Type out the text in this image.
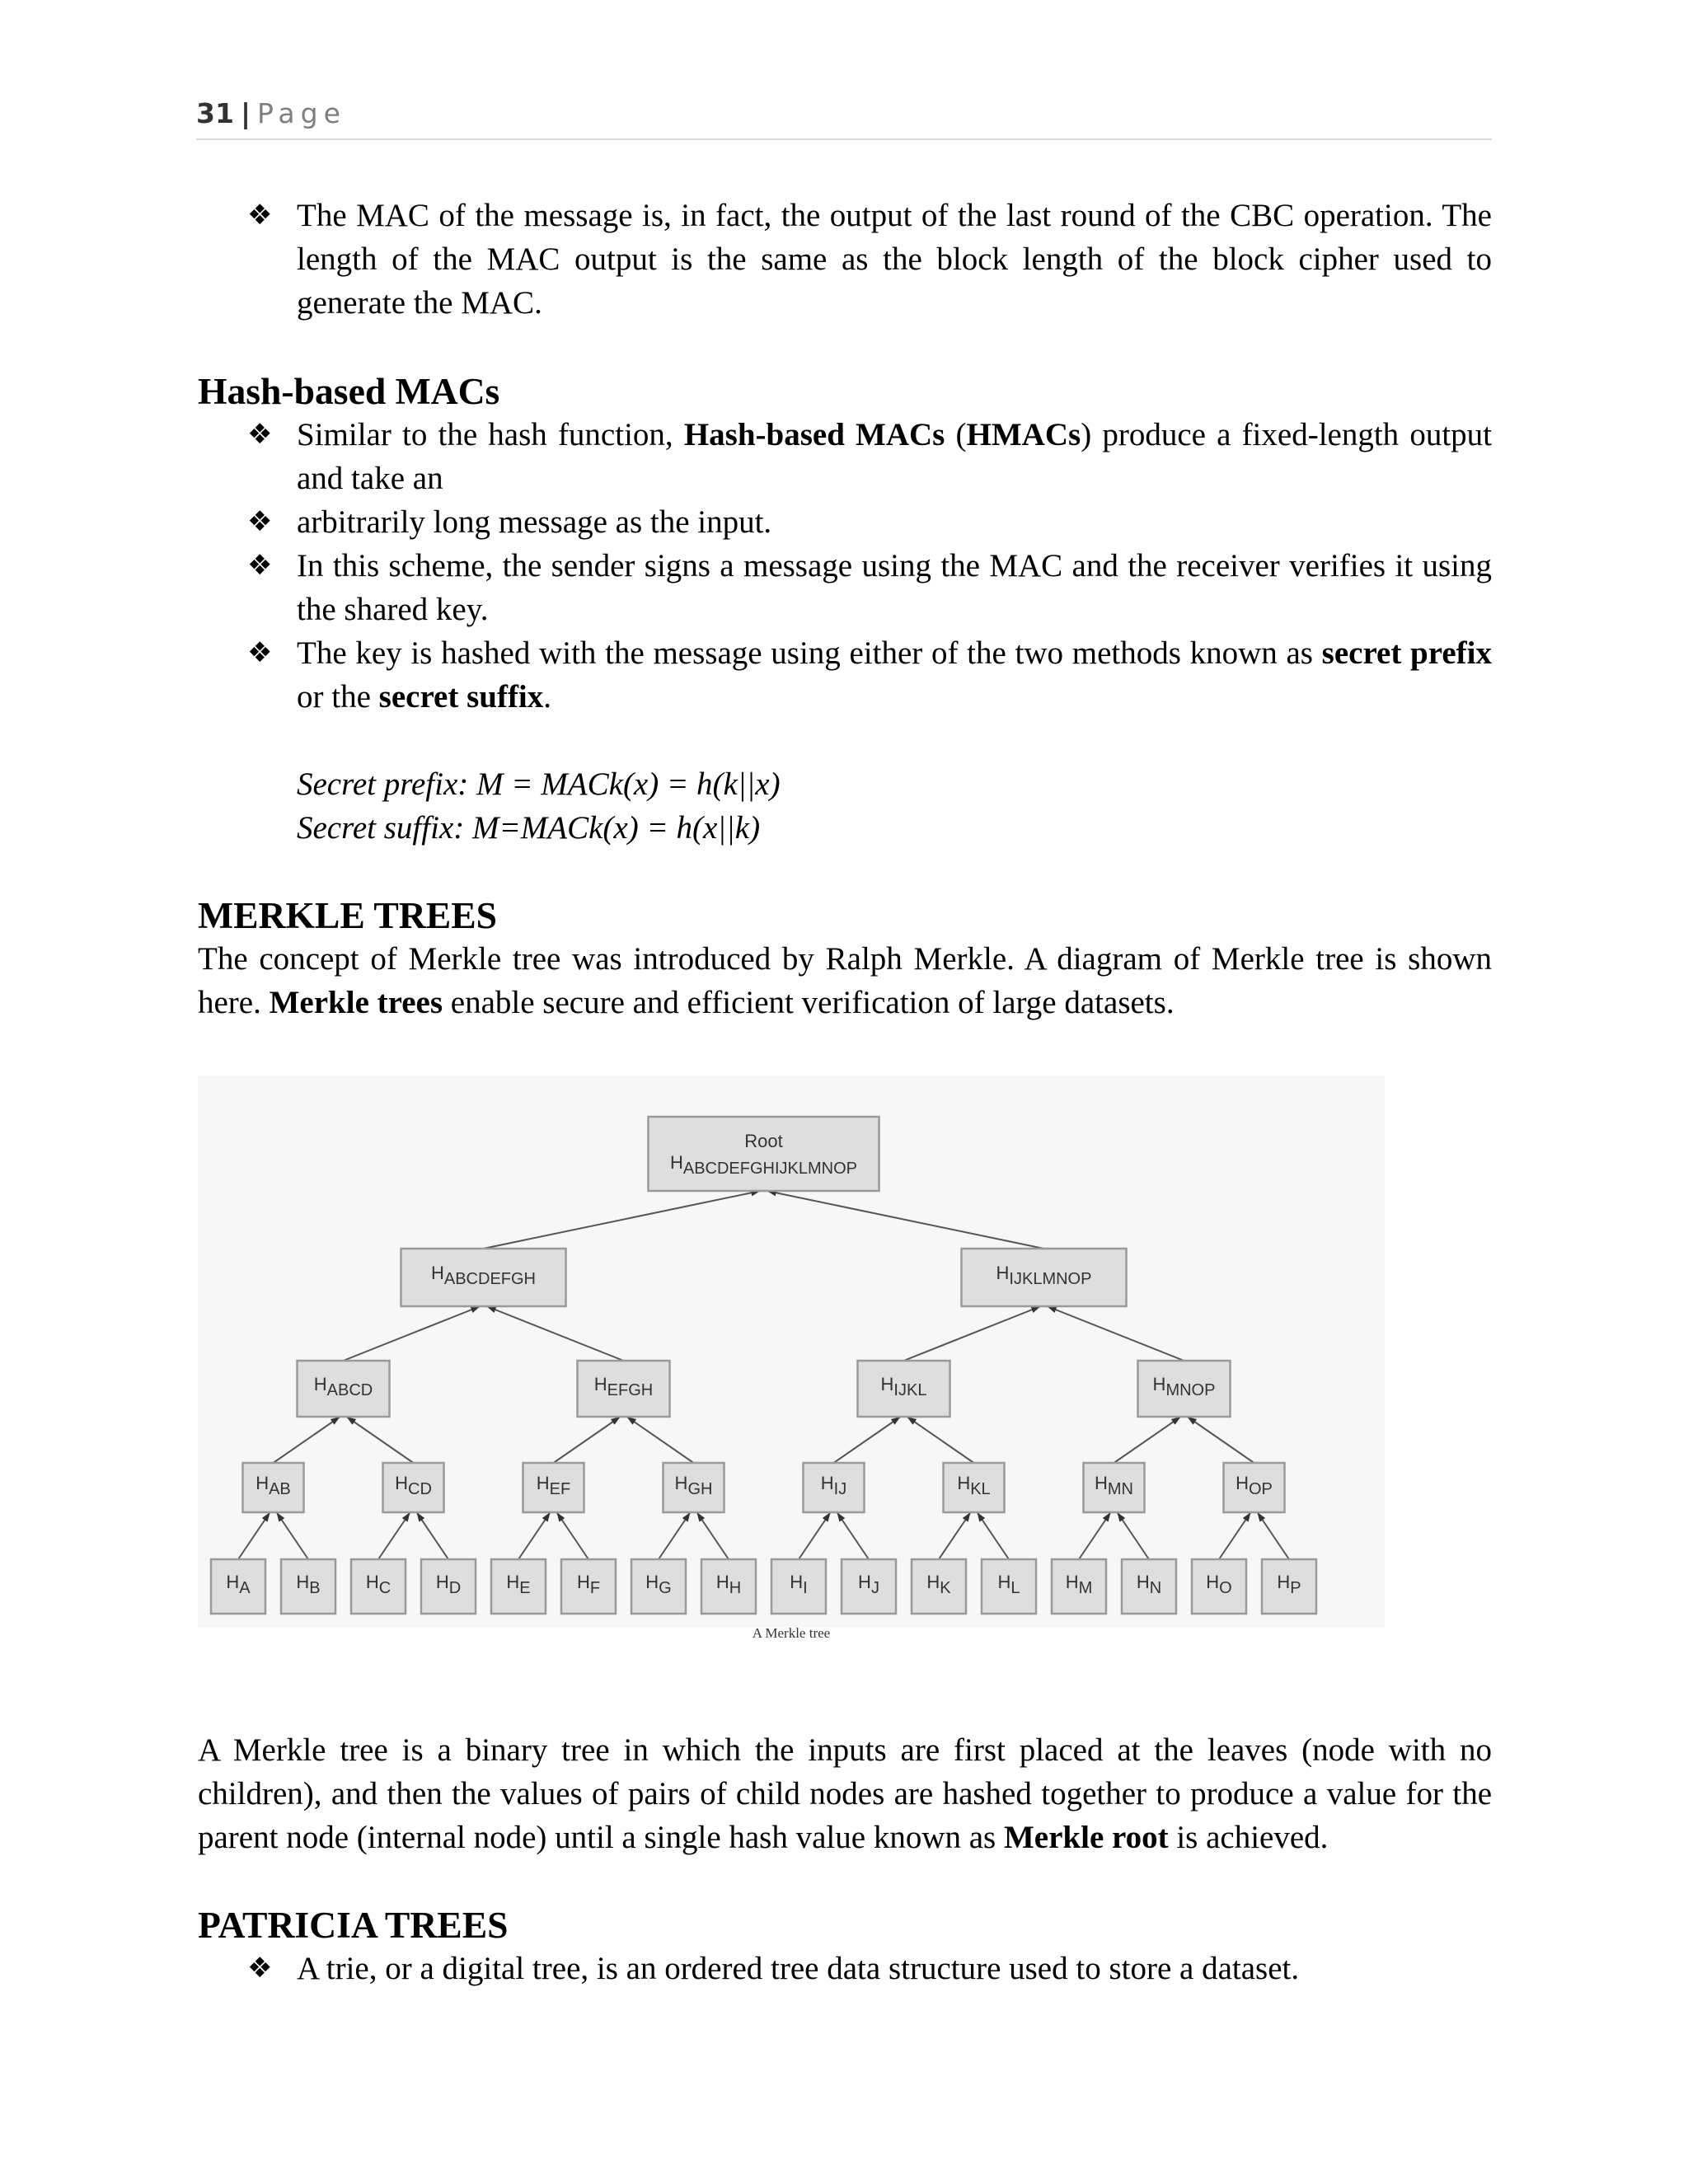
31 | Page
❖ The MAC of the message is, in fact, the output of the last round of the CBC operation. The length of the MAC output is the same as the block length of the block cipher used to generate the MAC.
Hash-based MACs
❖ Similar to the hash function, Hash-based MACs (HMACs) produce a fixed-length output and take an
❖ arbitrarily long message as the input.
❖ In this scheme, the sender signs a message using the MAC and the receiver verifies it using the shared key.
❖ The key is hashed with the message using either of the two methods known as secret prefix or the secret suffix.
Secret prefix: M = MACk(x) = h(k||x)
Secret suffix: M=MACk(x) = h(x||k)
MERKLE TREES

The concept of Merkle tree was introduced by Ralph Merkle. A diagram of Merkle tree is shown here. Merkle trees enable secure and efficient verification of large datasets.

A Merkle tree is a binary tree in which the inputs are first placed at the leaves (node with no children), and then the values of pairs of child nodes are hashed together to produce a value for the parent node (internal node) until a single hash value known as Merkle root is achieved.

PATRICIA TREES
❖ A trie, or a digital tree, is an ordered tree data structure used to store a dataset.
HA	HB	HC HD	HE	HF	HG HH	HI	HJ	HK	HL	HM HN HO HP
HAB	HCD	HEF	HGH	HIJ	HKL	HMN	HOP
HABCD	HEFGH	HIJKL	HMNOP
HABCDEFGH	HIJKLMNOP
Root
HABCDEFGHIJKLMNOP
A Merkle tree
